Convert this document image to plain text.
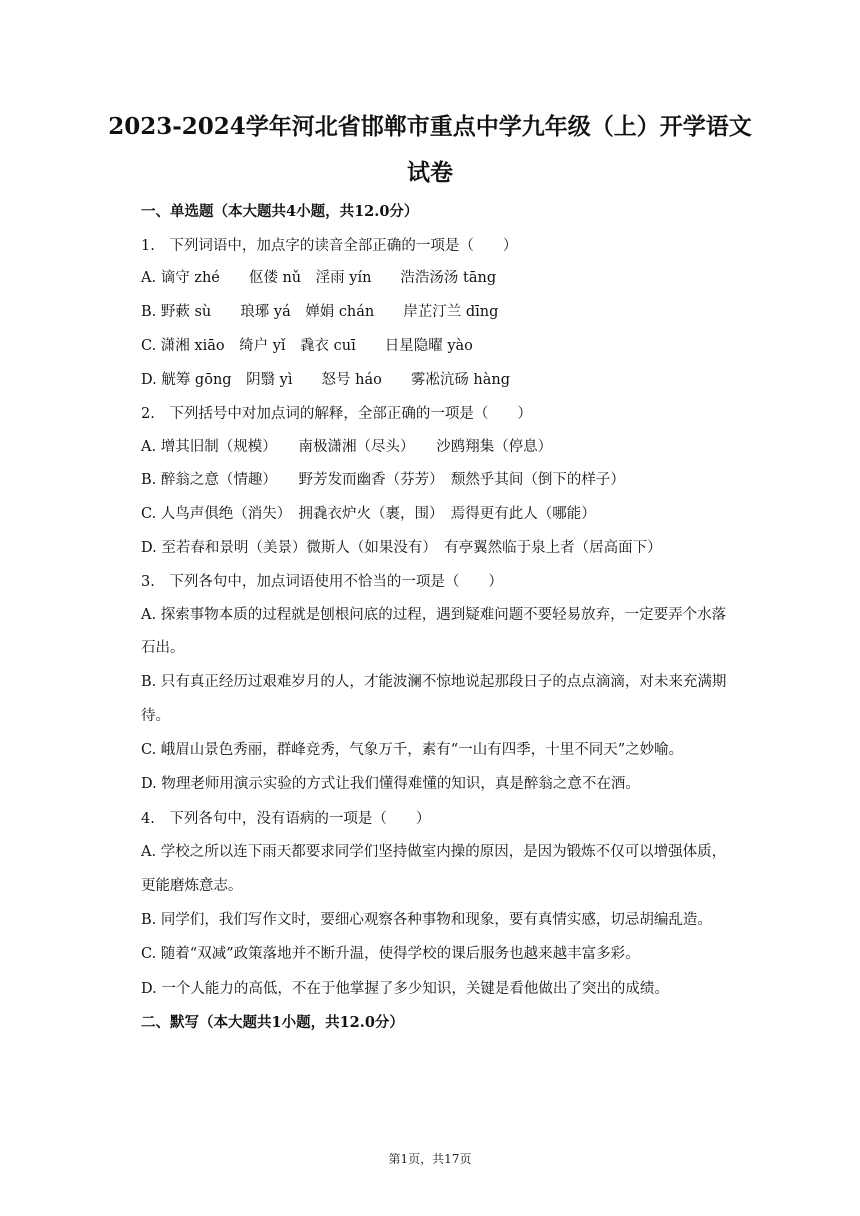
2023-2024学年河北省邯郸市重点中学九年级（上）开学语文试卷
一、单选题（本大题共4小题，共12.0分）
1.　下列词语中，加点字的读音全部正确的一项是（　　）
A. 谪守 zhé　　伛偻 nǔ　淫雨 yín　　浩浩汤汤 tāng
B. 野蔌 sù　　琅琊 yá　婵娟 chán　　岸芷汀兰 dīng
C. 潇湘 xiāo　绮户 yǐ　毳衣 cuī　　日星隐曜 yào
D. 觥筹 gōng　阴翳 yì　　怒号 háo　　雾凇沆砀 hàng
2.　下列括号中对加点词的解释，全部正确的一项是（　　）
A. 增其旧制（规模）　　南极潇湘（尽头）　　沙鸥翔集（停息）
B. 醉翁之意（情趣）　　野芳发而幽香（芬芳）　颓然乎其间（倒下的样子）
C. 人鸟声俱绝（消失）　拥毳衣炉火（裹，围）　焉得更有此人（哪能）
D. 至若春和景明（美景）微斯人（如果没有）　有亭翼然临于泉上者（居高面下）
3.　下列各句中，加点词语使用不恰当的一项是（　　）
A. 探索事物本质的过程就是刨根问底的过程，遇到疑难问题不要轻易放弃，一定要弄个水落
石出。
B. 只有真正经历过艰难岁月的人，才能波澜不惊地说起那段日子的点点滴滴，对未来充满期
待。
C. 峨眉山景色秀丽，群峰竞秀，气象万千，素有“一山有四季，十里不同天”之妙喻。
D. 物理老师用演示实验的方式让我们懂得难懂的知识，真是醉翁之意不在酒。
4.　下列各句中，没有语病的一项是（　　）
A. 学校之所以连下雨天都要求同学们坚持做室内操的原因，是因为锻炼不仅可以增强体质，
更能磨炼意志。
B. 同学们，我们写作文时，要细心观察各种事物和现象，要有真情实感，切忌胡编乱造。
C. 随着“双减”政策落地并不断升温，使得学校的课后服务也越来越丰富多彩。
D. 一个人能力的高低，不在于他掌握了多少知识，关键是看他做出了突出的成绩。
二、默写（本大题共1小题，共12.0分）
第1页，共17页
